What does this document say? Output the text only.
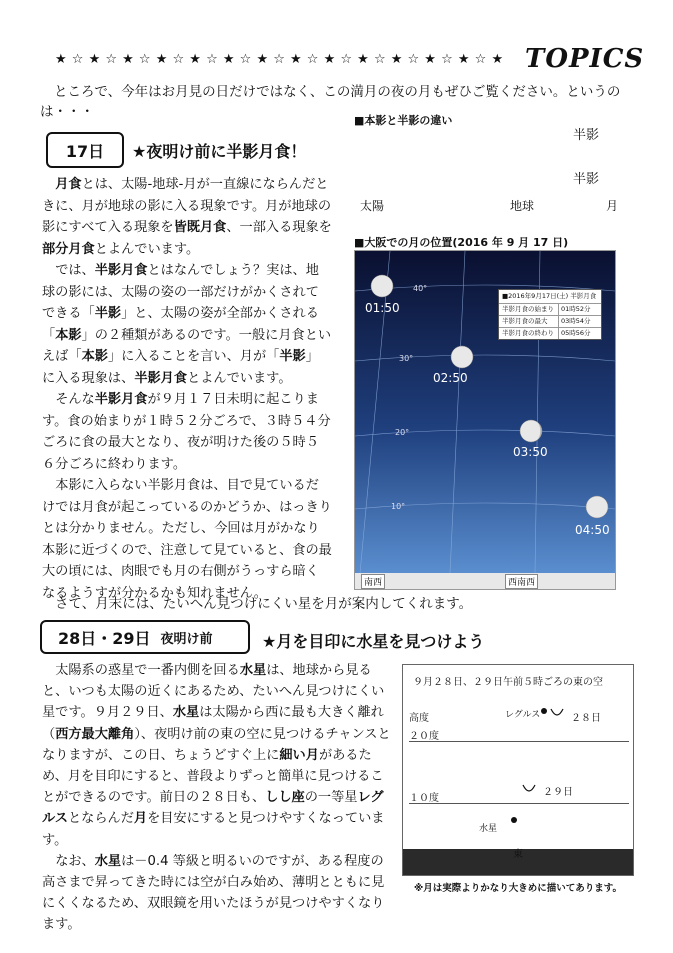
★ ☆ ★ ☆ ★ ☆ ★ ☆ ★ ☆ ★ ☆ ★ ☆ ★ ☆ ★ ☆ ★ ☆ ★ ☆ ★ ☆ ★ ☆ ★ TOPICS
ところで、今年はお月見の日だけではなく、この満月の夜の月もぜひご覧ください。というの
は・・・
17日 ★夜明け前に半影月食！

月食とは、太陽-地球-月が一直線にならんだときに、月が地球の影に入る現象です。月が地球の影にすべて入る現象を皆既月食、一部入る現象を部分月食とよんでいます。

では、半影月食とはなんでしょう？実は、地球の影には、太陽の姿の一部だけがかくされてできる「半影」と、太陽の姿が全部かくされる「本影」の２種類があるのです。一般に月食といえば「本影」に入ることを言い、月が「半影」に入る現象は、半影月食とよんでいます。

そんな半影月食が９月１７日未明に起こります。食の始まりが１時５２分ごろで、３時５４分ごろに食の最大となり、夜が明けた後の５時５６分ごろに終わります。

本影に入らない半影月食は、目で見ているだけでは月食が起こっているのかどうか、はっきりとは分かりません。ただし、今回は月がかなり本影に近づくので、注意して見ていると、食の最大の頃には、肉眼でも月の右側がうっすら暗くなるようすが分かるかも知れません。

■本影と半影の違い
半影
本影
半影
太陽	地球	月
■大阪での月の位置(2016 年 9 月 17 日)
40°
30°
20°
10°
01:50
02:50
03:50
04:50
■2016年9月17日(土) 半影月食
半影月食の始まり	01時52分
半影月食の最大	03時54分
半影月食の終わり	05時56分
南西	西南西
さて、月末には、たいへん見つけにくい星を月が案内してくれます。
28日・29日 夜明け前	★月を目印に水星を見つけよう

太陽系の惑星で一番内側を回る水星は、地球から見ると、いつも太陽の近くにあるため、たいへん見つけにくい星です。９月２９日、水星は太陽から西に最も大きく離れ（西方最大離角）、夜明け前の東の空に見つけるチャンスとなりますが、この日、ちょうどすぐ上に細い月があるため、月を目印にすると、普段よりずっと簡単に見つけることができるのです。前日の２８日も、しし座の一等星レグルスとならんだ月を目安にすると見つけやすくなっています。

なお、水星は－0.4 等級と明るいのですが、ある程度の高さまで昇ってきた時には空が白み始め、薄明とともに見にくくなるため、双眼鏡を用いたほうが見つけやすくなります。

９月２８日、２９日午前５時ごろの東の空
高度
２０度
１０度
レグルス	２８日
２９日
水星
東
※月は実際よりかなり大きめに描いてあります。
